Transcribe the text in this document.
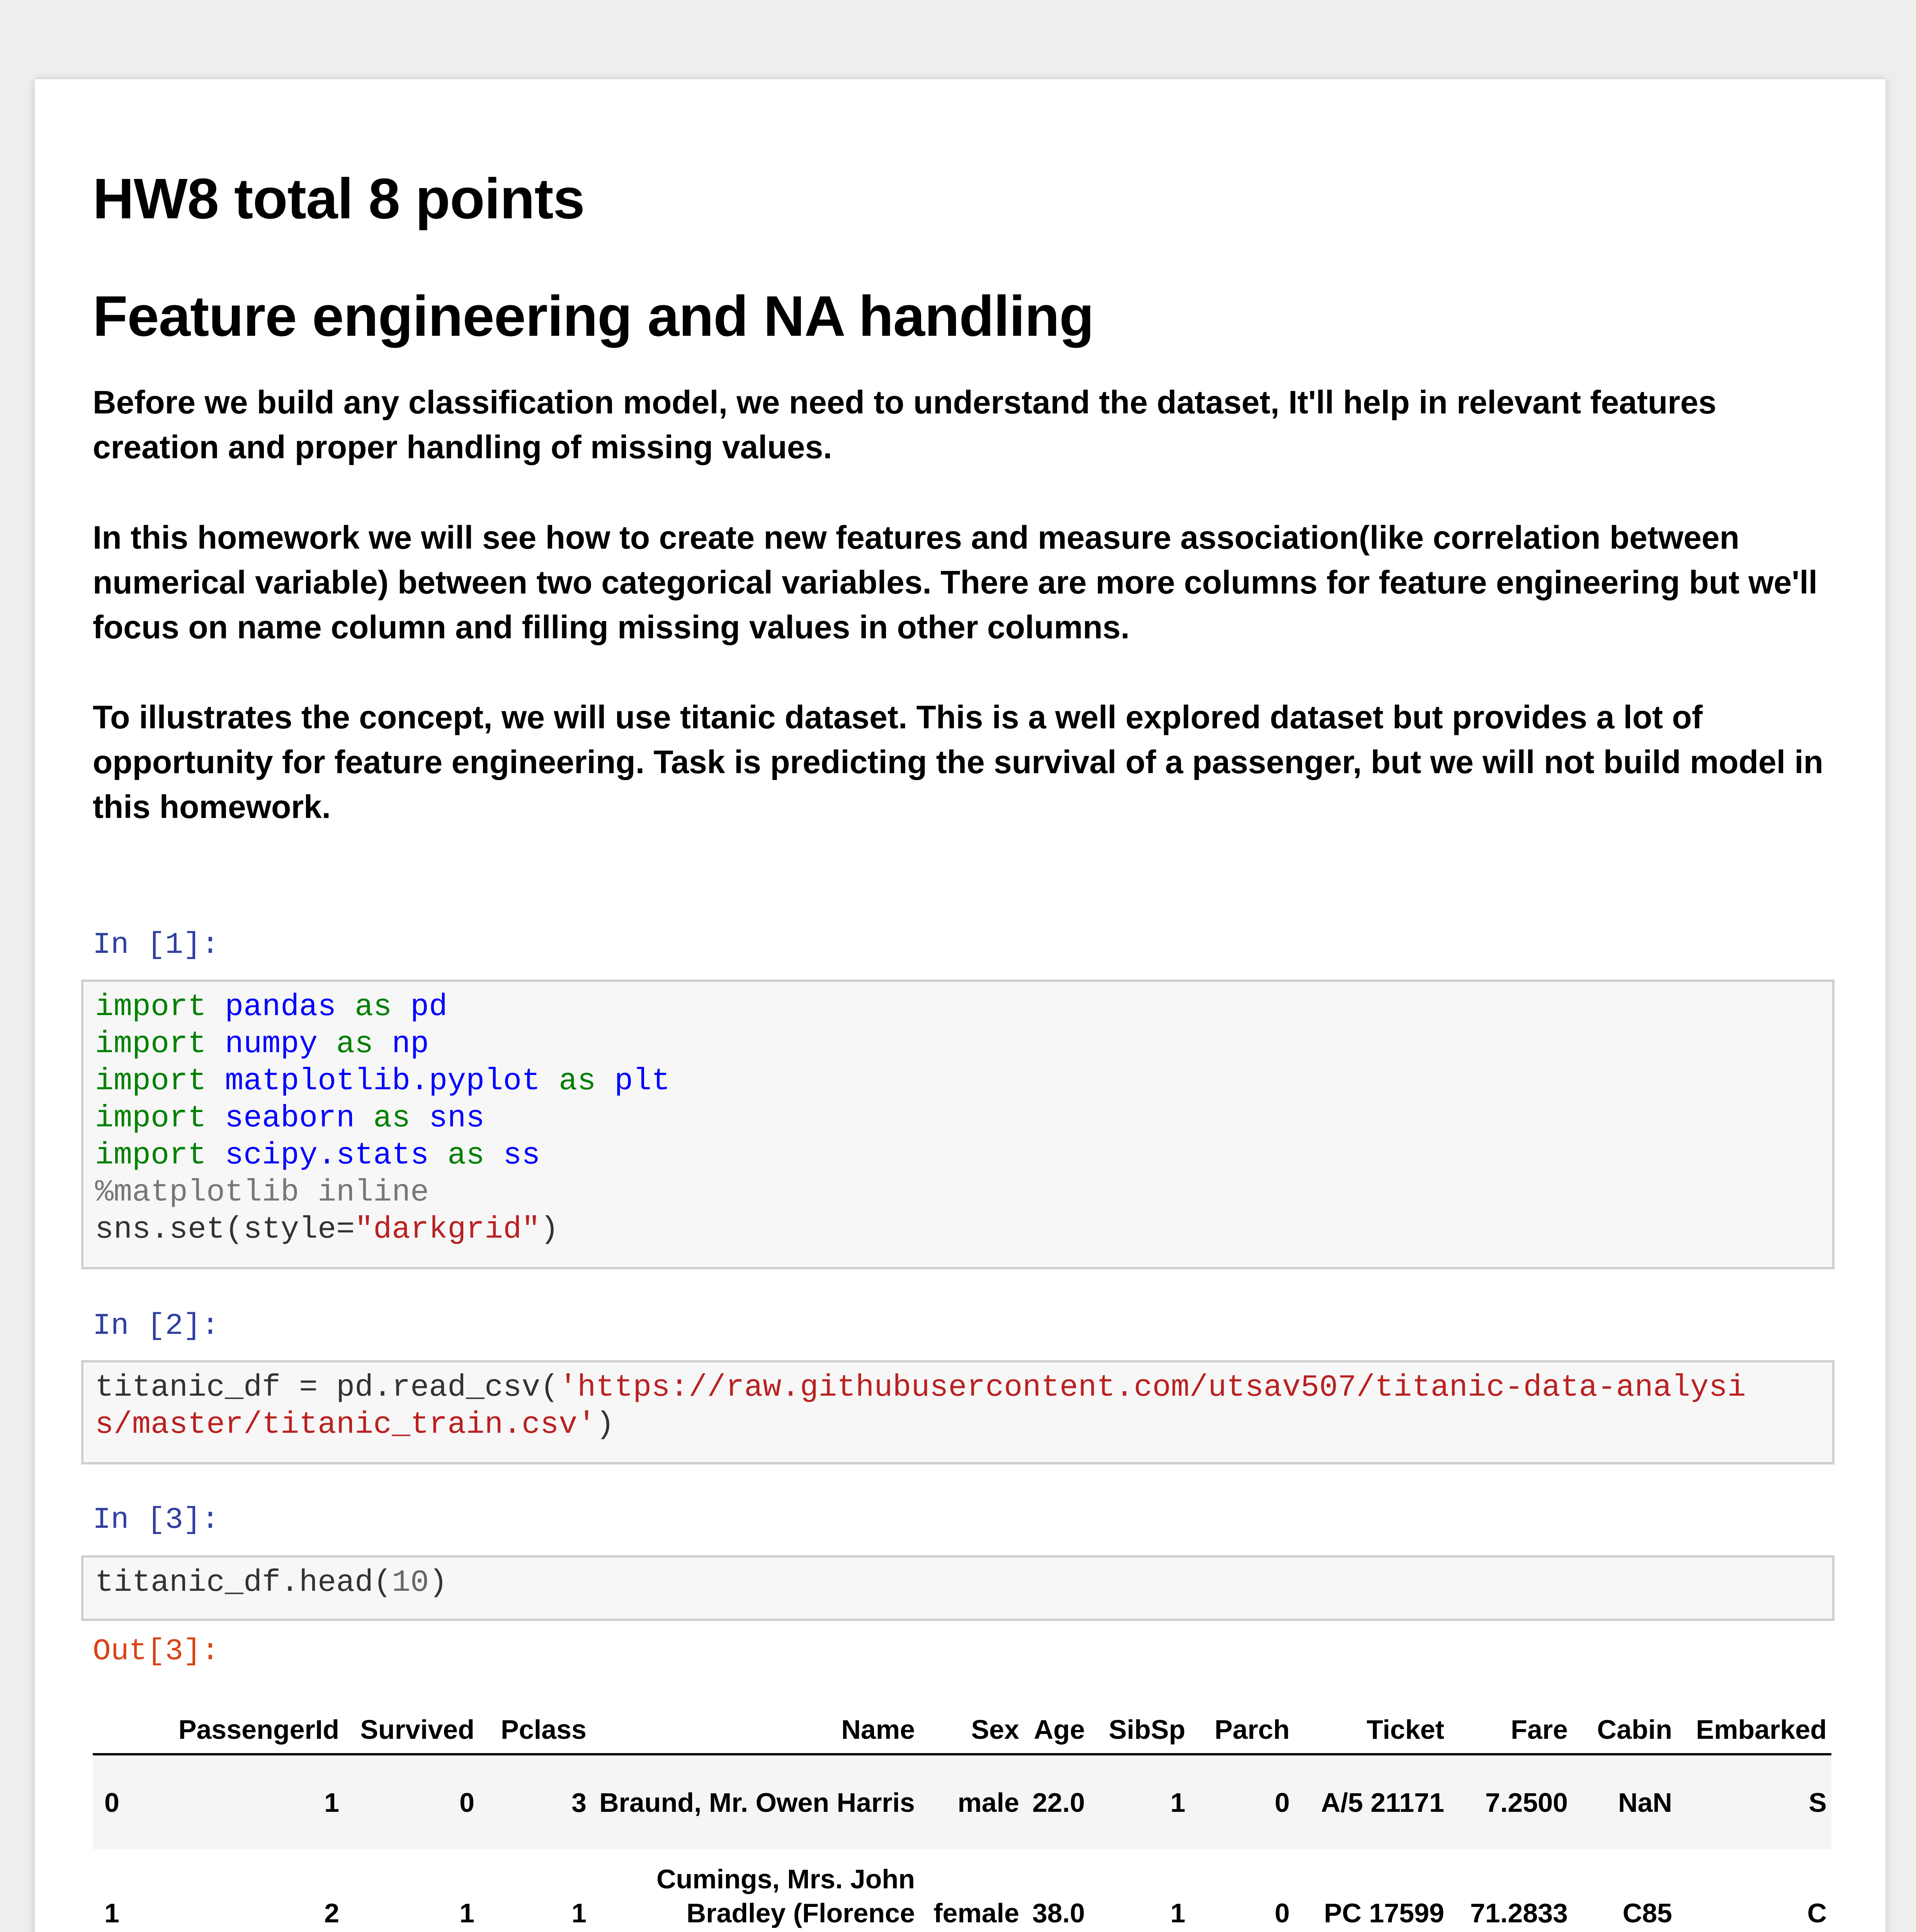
HW8 total 8 points
Feature engineering and NA handling

Before we build any classification model, we need to understand the dataset, It'll help in relevant features creation and proper handling of missing values.

In this homework we will see how to create new features and measure association(like correlation between numerical variable) between two categorical variables. There are more columns for feature engineering but we'll focus on name column and filling missing values in other columns.

To illustrates the concept, we will use titanic dataset. This is a well explored dataset but provides a lot of opportunity for feature engineering. Task is predicting the survival of a passenger, but we will not build model in this homework.

In [1]:
import pandas as pd
import numpy as np
import matplotlib.pyplot as plt
import seaborn as sns
import scipy.stats as ss
%matplotlib inline
sns.set(style="darkgrid")
In [2]:
titanic_df = pd.read_csv('https://raw.githubusercontent.com/utsav507/titanic-data-analysi
s/master/titanic_train.csv')
In [3]:
titanic_df.head(10)
Out[3]:
	PassengerId	Survived	Pclass	Name	Sex	Age	SibSp	Parch	Ticket	Fare	Cabin	Embarked
0	1	0	3	Braund, Mr. Owen Harris	male	22.0	1	0	A/5 21171	7.2500	NaN	S
1	2	1	1	Cumings, Mrs. John Bradley (Florence	female	38.0	1	0	PC 17599	71.2833	C85	C
